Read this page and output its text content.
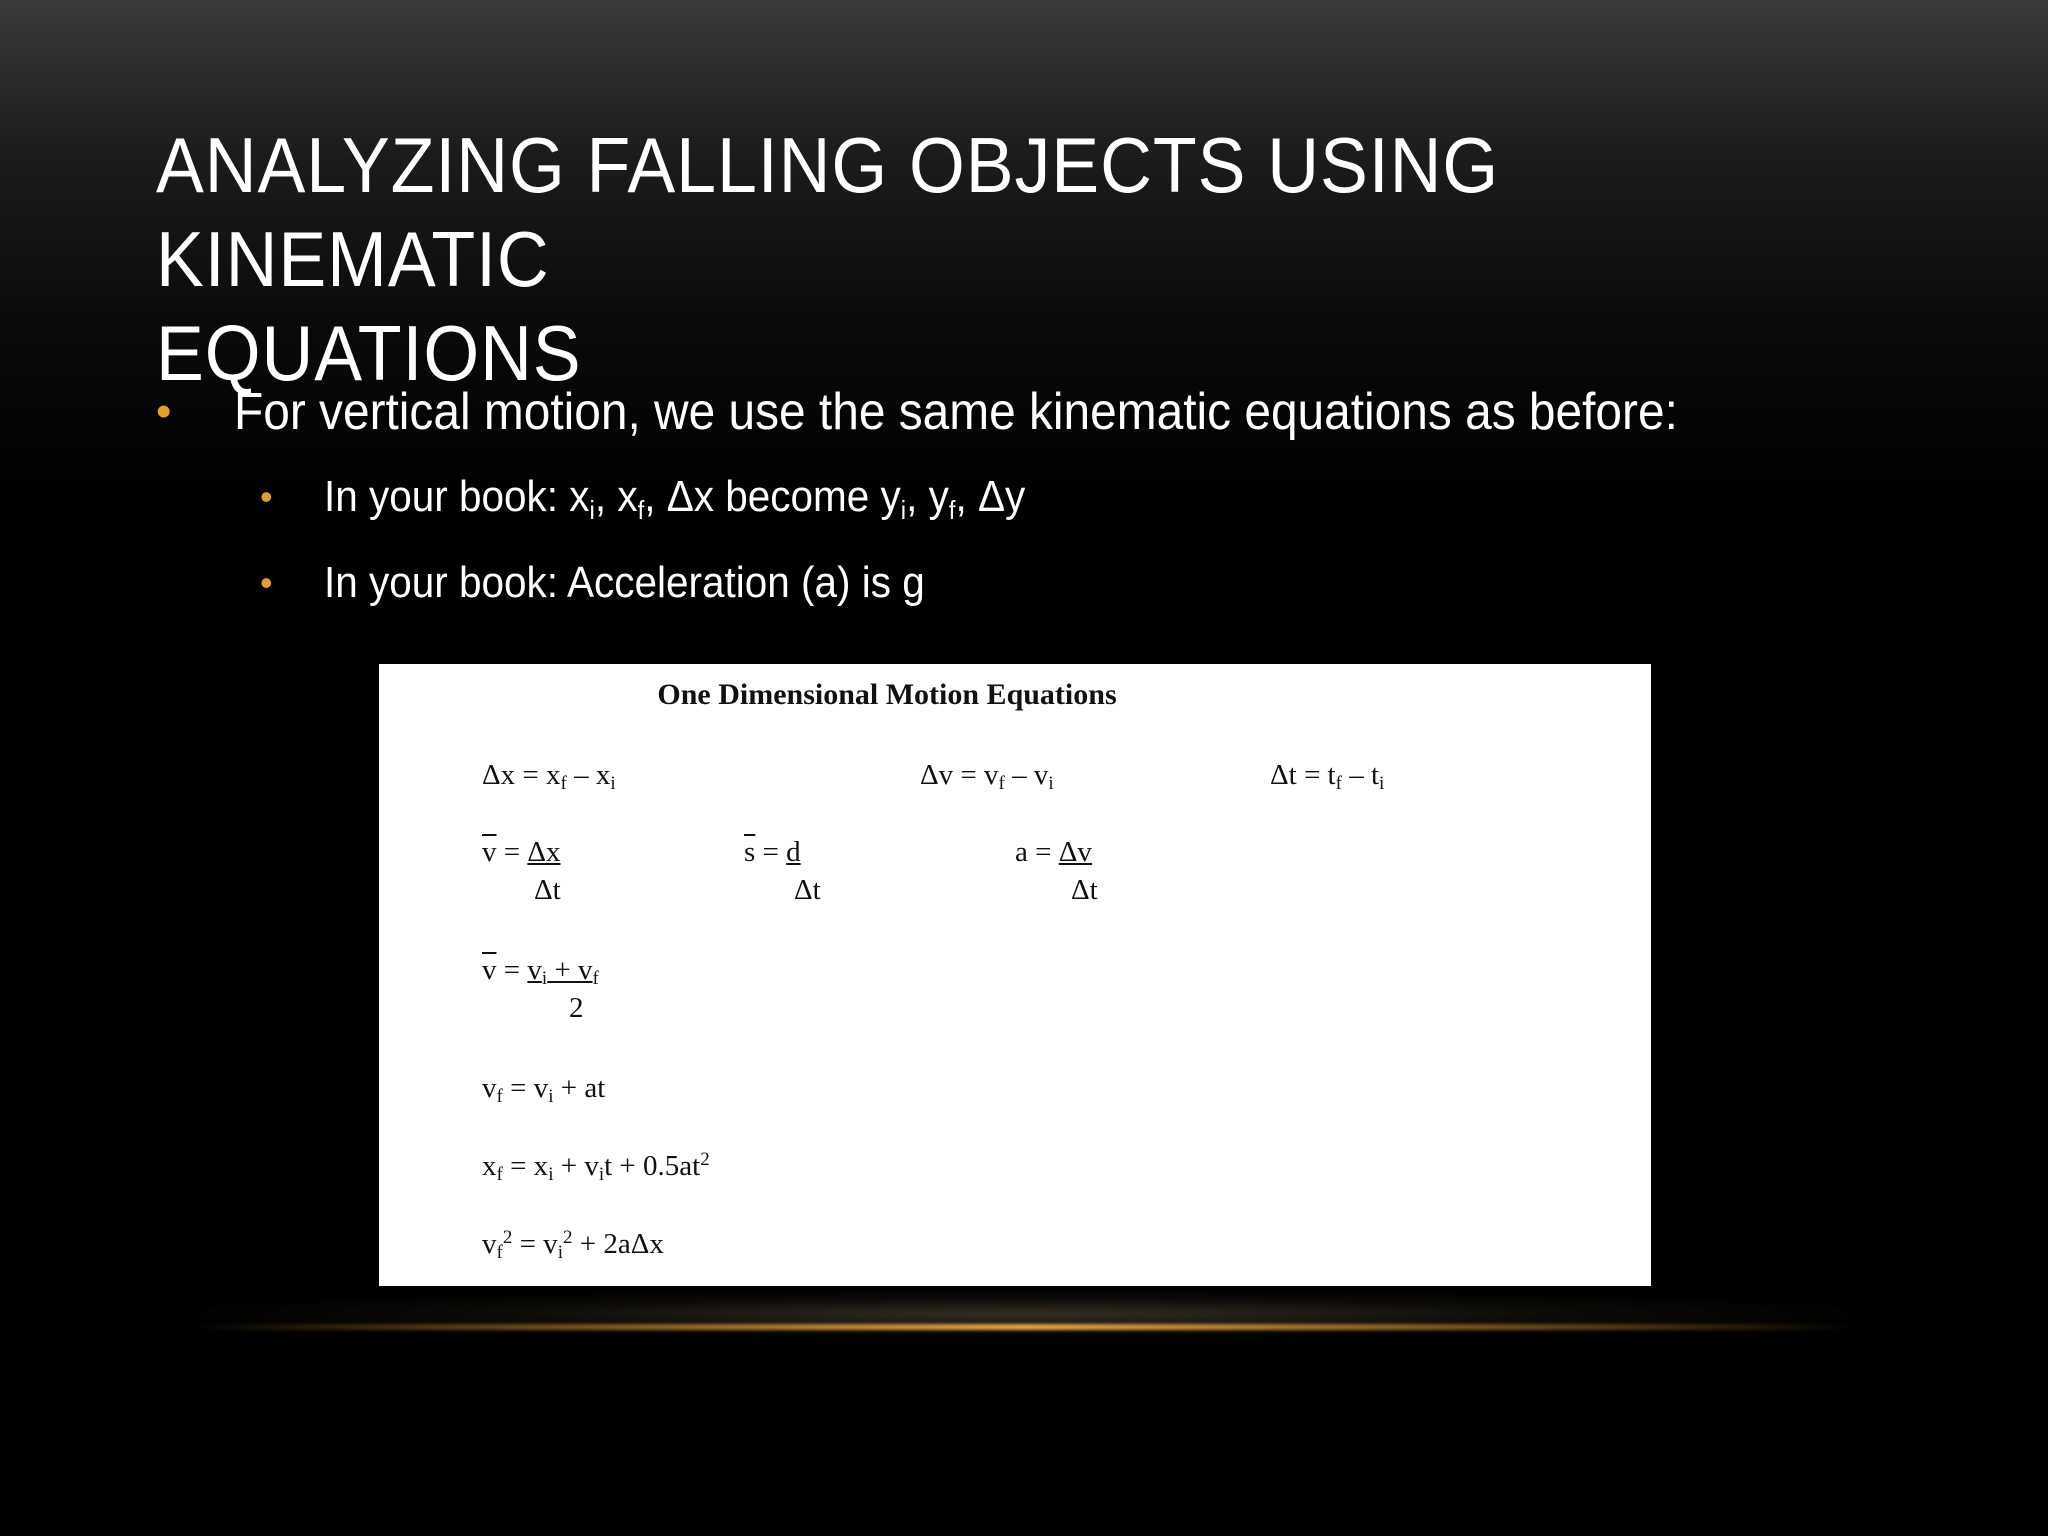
ANALYZING FALLING OBJECTS USING KINEMATIC
EQUATIONS
• For vertical motion, we use the same kinematic equations as before:
• In your book: $x_i$, $x_f$, Δx become $y_i$, $y_f$, Δy
• In your book: Acceleration (a) is g
One Dimensional Motion Equations
$\Delta x = x_f - x_i$	$\Delta v = v_f - v_i$	$\Delta t = t_f - t_i$
$\overline{v} = \Delta x$
Δt
$\overline{s} = d$
Δt
a = Δv
Δt
$\overline{v} = v_i + v_f$
2
$v_f = v_i$ + at
$x_f = x_i + v_it + 0.5at^2$
$v_f^2 = v_i^2 + 2a\Delta x$
